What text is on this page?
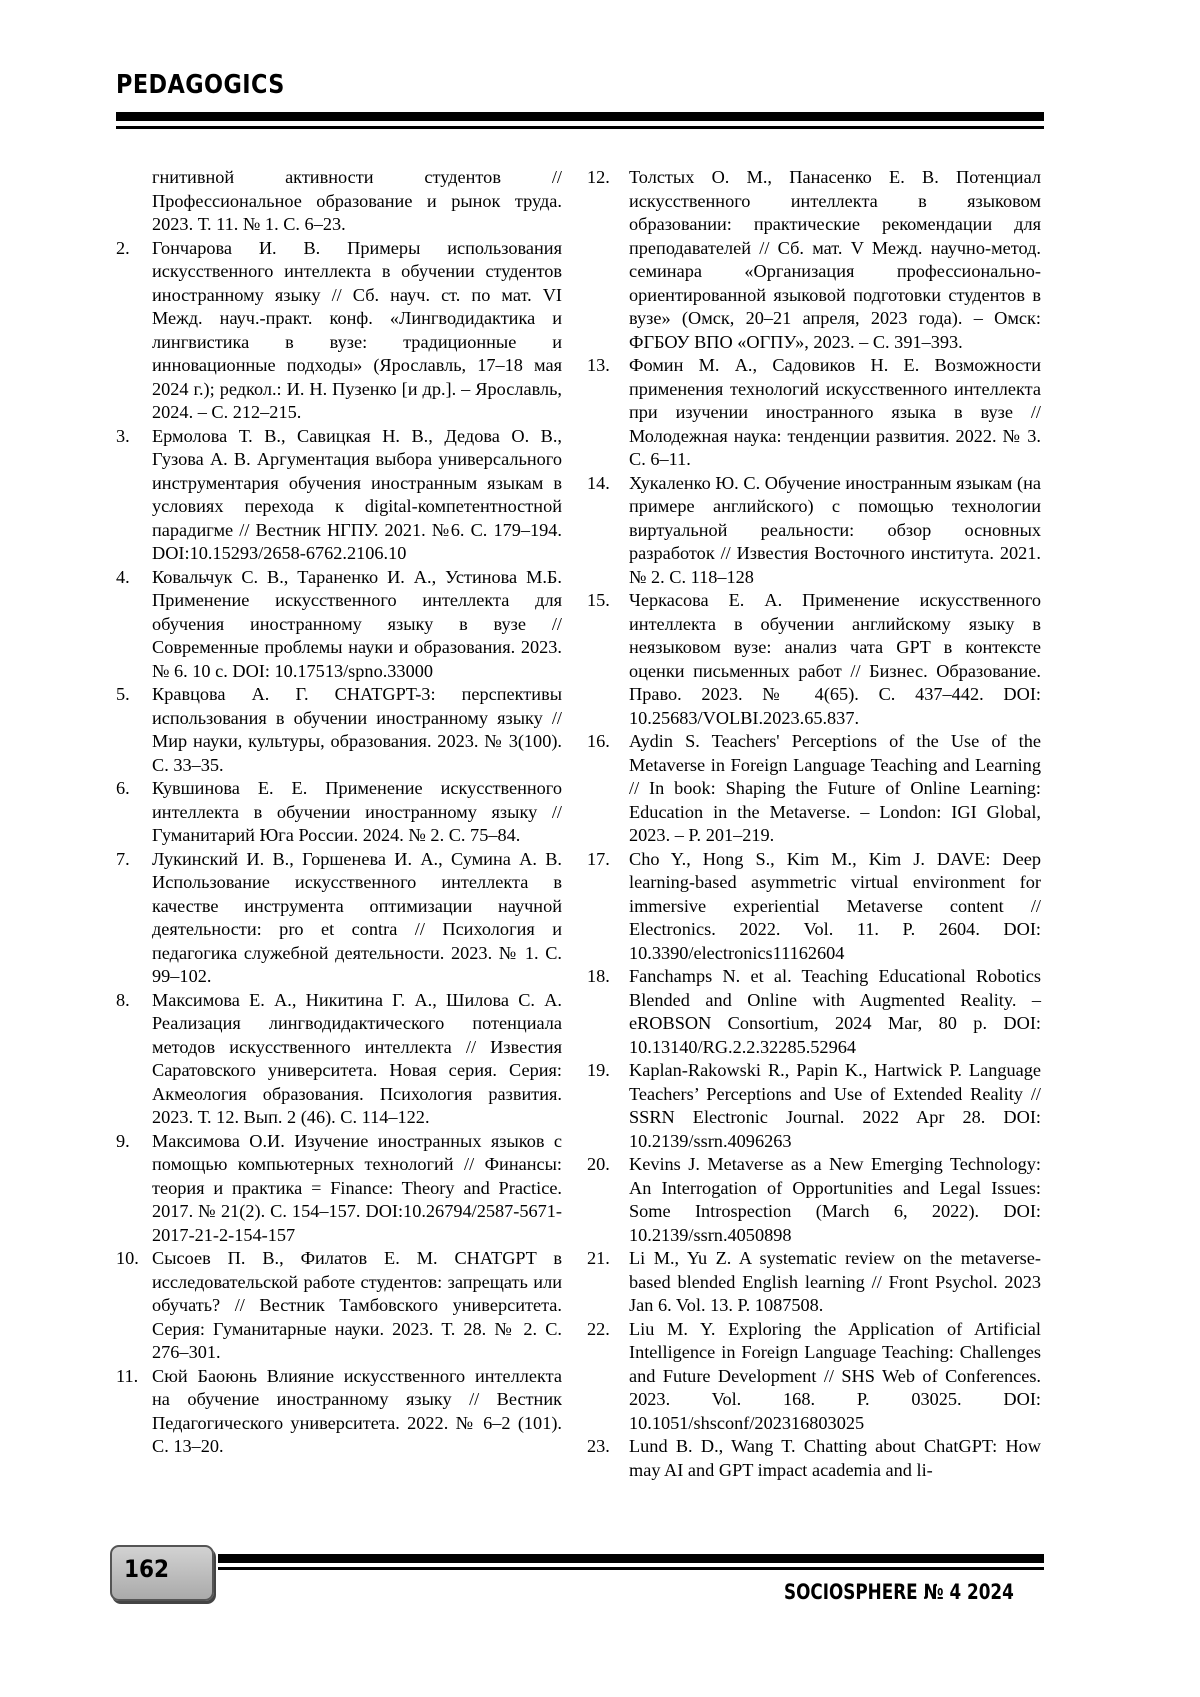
PEDAGOGICS

гнитивной активности студентов // Профессиональное образование и рынок труда. 2023. Т. 11. № 1. С. 6–23.

2. Гончарова И. В. Примеры использования искусственного интеллекта в обучении студентов иностранному языку // Сб. науч. ст. по мат. VI Межд. науч.-практ. конф. «Лингводидактика и лингвистика в вузе: традиционные и инновационные подходы» (Ярославль, 17–18 мая 2024 г.); редкол.: И. Н. Пузенко [и др.]. – Ярославль, 2024. – С. 212–215.
3. Ермолова Т. В., Савицкая Н. В., Дедова О. В., Гузова А. В. Аргументация выбора универсального инструментария обучения иностранным языкам в условиях перехода к digital-компетентностной парадигме // Вестник НГПУ. 2021. №6. С. 179–194. DOI:10.15293/2658-6762.2106.10
4. Ковальчук С. В., Тараненко И. А., Устинова М.Б. Применение искусственного интеллекта для обучения иностранному языку в вузе // Современные проблемы науки и образования. 2023. № 6. 10 с. DOI: 10.17513/spno.33000
5. Кравцова А. Г. CHATGPT-3: перспективы использования в обучении иностранному языку // Мир науки, культуры, образования. 2023. № 3(100). С. 33–35.
6. Кувшинова Е. Е. Применение искусственного интеллекта в обучении иностранному языку // Гуманитарий Юга России. 2024. № 2. С. 75–84.
7. Лукинский И. В., Горшенева И. А., Сумина А. В. Использование искусственного интеллекта в качестве инструмента оптимизации научной деятельности: pro et contra // Психология и педагогика служебной деятельности. 2023. № 1. С. 99–102.
8. Максимова Е. А., Никитина Г. А., Шилова С. А. Реализация лингводидактического потенциала методов искусственного интеллекта // Известия Саратовского университета. Новая серия. Серия: Акмеология образования. Психология развития. 2023. Т. 12. Вып. 2 (46). С. 114–122.
9. Максимова О.И. Изучение иностранных языков с помощью компьютерных технологий // Финансы: теория и практика = Finance: Theory and Practice. 2017. № 21(2). С. 154–157. DOI:10.26794/2587-5671-2017-21-2-154-157
10. Сысоев П. В., Филатов Е. М. CHATGPT в исследовательской работе студентов: запрещать или обучать? // Вестник Тамбовского университета. Серия: Гуманитарные науки. 2023. Т. 28. № 2. С. 276–301.
11. Сюй Баоюнь Влияние искусственного интеллекта на обучение иностранному языку // Вестник Педагогического университета. 2022. № 6–2 (101). С. 13–20.
12. Толстых О. М., Панасенко Е. В. Потенциал искусственного интеллекта в языковом образовании: практические рекомендации для преподавателей // Сб. мат. V Межд. научно-метод. семинара «Организация профессионально-ориентированной языковой подготовки студентов в вузе» (Омск, 20–21 апреля, 2023 года). – Омск: ФГБОУ ВПО «ОГПУ», 2023. – С. 391–393.
13. Фомин М. А., Садовиков Н. Е. Возможности применения технологий искусственного интеллекта при изучении иностранного языка в вузе // Молодежная наука: тенденции развития. 2022. № 3. С. 6–11.
14. Хукаленко Ю. С. Обучение иностранным языкам (на примере английского) с помощью технологии виртуальной реальности: обзор основных разработок // Известия Восточного института. 2021. № 2. С. 118–128
15. Черкасова Е. А. Применение искусственного интеллекта в обучении английскому языку в неязыковом вузе: анализ чата GPT в контексте оценки письменных работ // Бизнес. Образование. Право. 2023. № 4(65). С. 437–442. DOI: 10.25683/VOLBI.2023.65.837.
16. Aydin S. Teachers' Perceptions of the Use of the Metaverse in Foreign Language Teaching and Learning // In book: Shaping the Future of Online Learning: Education in the Metaverse. – London: IGI Global, 2023. – P. 201–219.
17. Cho Y., Hong S., Kim M., Kim J. DAVE: Deep learning-based asymmetric virtual environment for immersive experiential Metaverse content // Electronics. 2022. Vol. 11. P. 2604. DOI: 10.3390/electronics11162604
18. Fanchamps N. et al. Teaching Educational Robotics Blended and Online with Augmented Reality. – eROBSON Consortium, 2024 Mar, 80 p. DOI: 10.13140/RG.2.2.32285.52964
19. Kaplan-Rakowski R., Papin K., Hartwick P. Language Teachers’ Perceptions and Use of Extended Reality // SSRN Electronic Journal. 2022 Apr 28. DOI: 10.2139/ssrn.4096263
20. Kevins J. Metaverse as a New Emerging Technology: An Interrogation of Opportunities and Legal Issues: Some Introspection (March 6, 2022). DOI: 10.2139/ssrn.4050898
21. Li M., Yu Z. A systematic review on the metaverse-based blended English learning // Front Psychol. 2023 Jan 6. Vol. 13. P. 1087508.
22. Liu M. Y. Exploring the Application of Artificial Intelligence in Foreign Language Teaching: Challenges and Future Development // SHS Web of Conferences. 2023. Vol. 168. P. 03025. DOI: 10.1051/shsconf/202316803025
23. Lund B. D., Wang T. Chatting about ChatGPT: How may AI and GPT impact academia and li-
162

SOCIOSPHERE № 4 2024
